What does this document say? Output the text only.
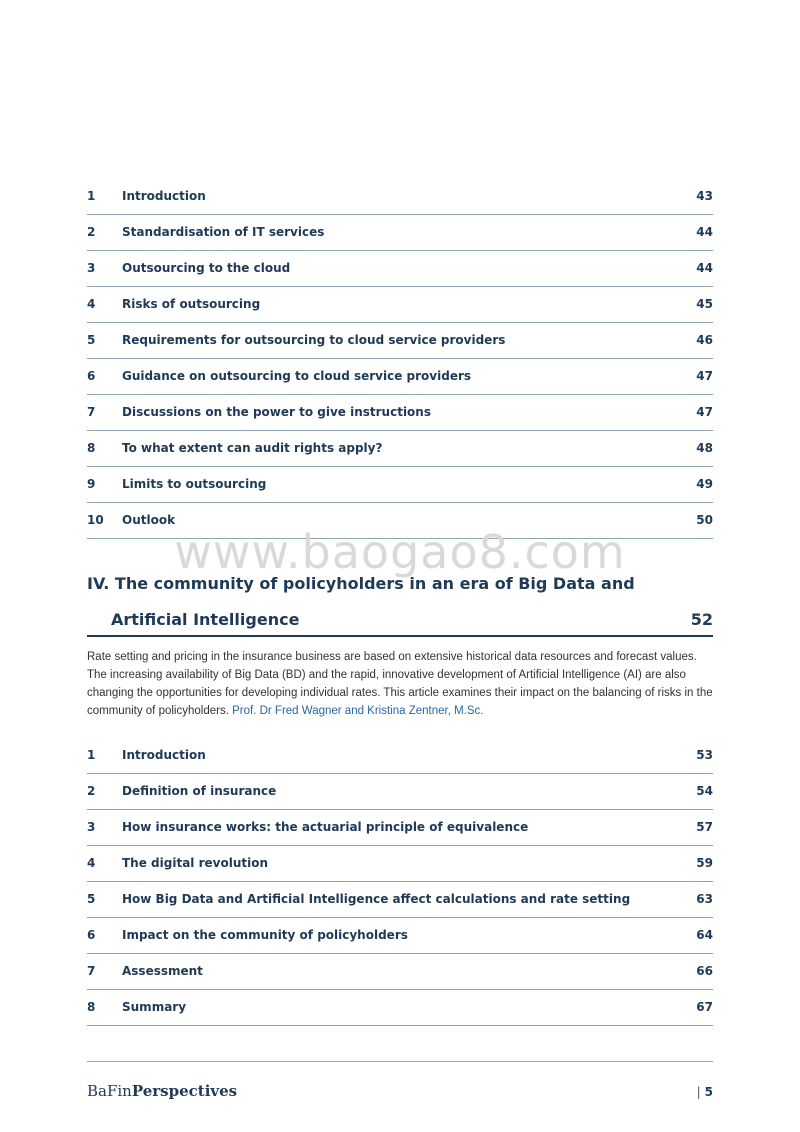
1 Introduction	43
2 Standardisation of IT services	44
3 Outsourcing to the cloud	44
4 Risks of outsourcing	45
5 Requirements for outsourcing to cloud service providers	46
6 Guidance on outsourcing to cloud service providers	47
7 Discussions on the power to give instructions	47
8 To what extent can audit rights apply?	48
9 Limits to outsourcing	49
10 Outlook	50
www.baogao8.com
IV. The community of policyholders in an era of Big Data and
Artificial Intelligence	52
Rate setting and pricing in the insurance business are based on extensive historical data resources and forecast values. The increasing availability of Big Data (BD) and the rapid, innovative development of Artificial Intelligence (AI) are also changing the opportunities for developing individual rates. This article examines their impact on the balancing of risks in the community of policyholders. Prof. Dr Fred Wagner and Kristina Zentner, M.Sc.
1 Introduction	53
2 Definition of insurance	54
3 How insurance works: the actuarial principle of equivalence	57
4 The digital revolution	59
5 How Big Data and Artificial Intelligence affect calculations and rate setting	63
6 Impact on the community of policyholders	64
7 Assessment	66
8 Summary	67
BaFinPerspectives	| 5
